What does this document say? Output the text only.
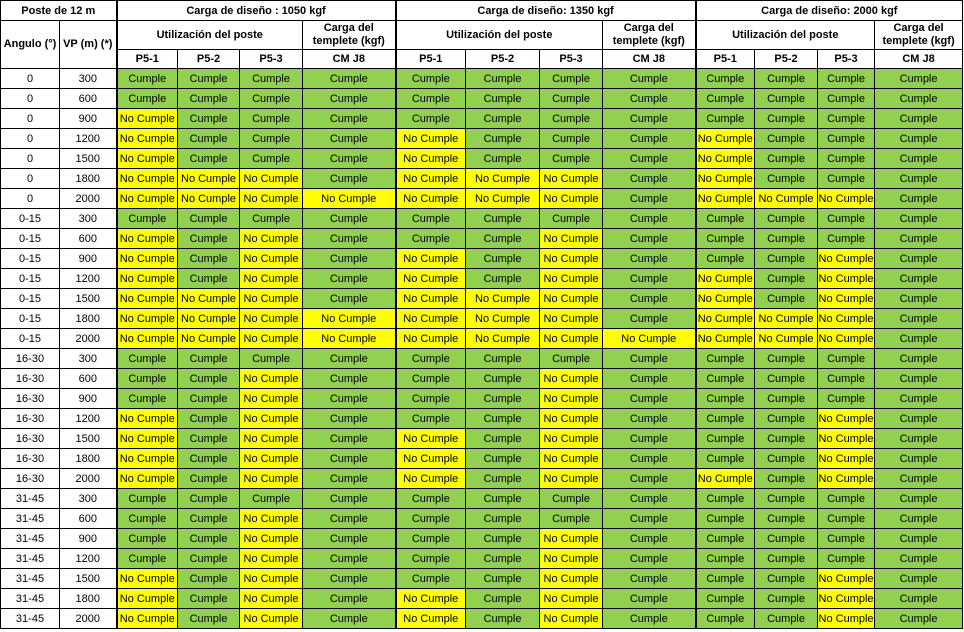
Poste de 12 m		Carga de diseño : 1050 kgf				Carga de diseño: 1350 kgf				Carga de diseño: 2000 kgf			
Angulo (°)	VP (m) (*)	Utilización del poste			Carga del templete (kgf)	Utilización del poste			Carga del templete (kgf)	Utilización del poste			Carga del templete (kgf)
		P5-1	P5-2	P5-3	CM J8	P5-1	P5-2	P5-3	CM J8	P5-1	P5-2	P5-3	CM J8
0	300	Cumple	Cumple	Cumple	Cumple	Cumple	Cumple	Cumple	Cumple	Cumple	Cumple	Cumple	Cumple
0	600	Cumple	Cumple	Cumple	Cumple	Cumple	Cumple	Cumple	Cumple	Cumple	Cumple	Cumple	Cumple
0	900	No Cumple	Cumple	Cumple	Cumple	Cumple	Cumple	Cumple	Cumple	Cumple	Cumple	Cumple	Cumple
0	1200	No Cumple	Cumple	Cumple	Cumple	No Cumple	Cumple	Cumple	Cumple	No Cumple	Cumple	Cumple	Cumple
0	1500	No Cumple	Cumple	Cumple	Cumple	No Cumple	Cumple	Cumple	Cumple	No Cumple	Cumple	Cumple	Cumple
0	1800	No Cumple	No Cumple	No Cumple	Cumple	No Cumple	No Cumple	No Cumple	Cumple	No Cumple	Cumple	Cumple	Cumple
0	2000	No Cumple	No Cumple	No Cumple	No Cumple	No Cumple	No Cumple	No Cumple	Cumple	No Cumple	No Cumple	No Cumple	Cumple
0-15	300	Cumple	Cumple	Cumple	Cumple	Cumple	Cumple	Cumple	Cumple	Cumple	Cumple	Cumple	Cumple
0-15	600	No Cumple	Cumple	No Cumple	Cumple	Cumple	Cumple	No Cumple	Cumple	Cumple	Cumple	Cumple	Cumple
0-15	900	No Cumple	Cumple	No Cumple	Cumple	No Cumple	Cumple	No Cumple	Cumple	Cumple	Cumple	No Cumple	Cumple
0-15	1200	No Cumple	Cumple	No Cumple	Cumple	No Cumple	Cumple	No Cumple	Cumple	No Cumple	Cumple	No Cumple	Cumple
0-15	1500	No Cumple	No Cumple	No Cumple	Cumple	No Cumple	No Cumple	No Cumple	Cumple	No Cumple	Cumple	No Cumple	Cumple
0-15	1800	No Cumple	No Cumple	No Cumple	No Cumple	No Cumple	No Cumple	No Cumple	Cumple	No Cumple	No Cumple	No Cumple	Cumple
0-15	2000	No Cumple	No Cumple	No Cumple	No Cumple	No Cumple	No Cumple	No Cumple	No Cumple	No Cumple	No Cumple	No Cumple	Cumple
16-30	300	Cumple	Cumple	Cumple	Cumple	Cumple	Cumple	Cumple	Cumple	Cumple	Cumple	Cumple	Cumple
16-30	600	Cumple	Cumple	No Cumple	Cumple	Cumple	Cumple	No Cumple	Cumple	Cumple	Cumple	Cumple	Cumple
16-30	900	Cumple	Cumple	No Cumple	Cumple	Cumple	Cumple	No Cumple	Cumple	Cumple	Cumple	Cumple	Cumple
16-30	1200	No Cumple	Cumple	No Cumple	Cumple	Cumple	Cumple	No Cumple	Cumple	Cumple	Cumple	No Cumple	Cumple
16-30	1500	No Cumple	Cumple	No Cumple	Cumple	No Cumple	Cumple	No Cumple	Cumple	Cumple	Cumple	No Cumple	Cumple
16-30	1800	No Cumple	Cumple	No Cumple	Cumple	No Cumple	Cumple	No Cumple	Cumple	Cumple	Cumple	No Cumple	Cumple
16-30	2000	No Cumple	Cumple	No Cumple	Cumple	No Cumple	Cumple	No Cumple	Cumple	No Cumple	Cumple	No Cumple	Cumple
31-45	300	Cumple	Cumple	Cumple	Cumple	Cumple	Cumple	Cumple	Cumple	Cumple	Cumple	Cumple	Cumple
31-45	600	Cumple	Cumple	No Cumple	Cumple	Cumple	Cumple	Cumple	Cumple	Cumple	Cumple	Cumple	Cumple
31-45	900	Cumple	Cumple	No Cumple	Cumple	Cumple	Cumple	No Cumple	Cumple	Cumple	Cumple	Cumple	Cumple
31-45	1200	Cumple	Cumple	No Cumple	Cumple	Cumple	Cumple	No Cumple	Cumple	Cumple	Cumple	Cumple	Cumple
31-45	1500	No Cumple	Cumple	No Cumple	Cumple	Cumple	Cumple	No Cumple	Cumple	Cumple	Cumple	No Cumple	Cumple
31-45	1800	No Cumple	Cumple	No Cumple	Cumple	No Cumple	Cumple	No Cumple	Cumple	Cumple	Cumple	No Cumple	Cumple
31-45	2000	No Cumple	Cumple	No Cumple	Cumple	No Cumple	Cumple	No Cumple	Cumple	Cumple	Cumple	No Cumple	Cumple
